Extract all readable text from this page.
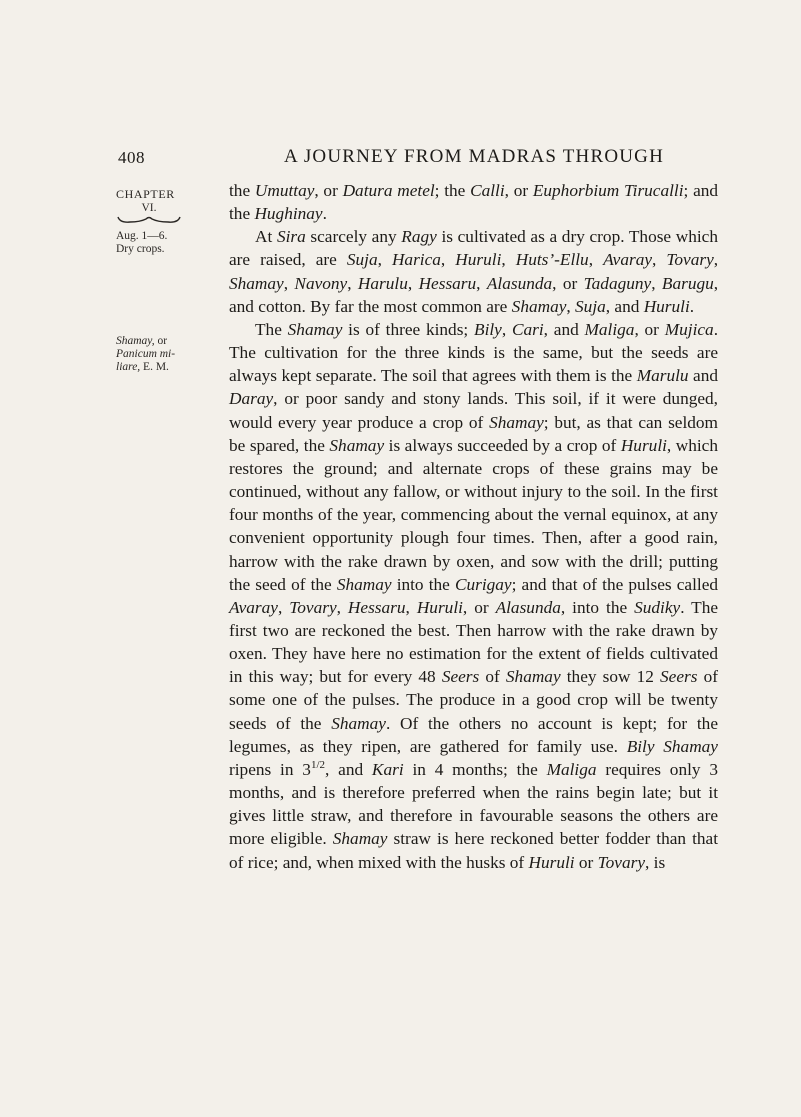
408	A JOURNEY FROM MADRAS THROUGH
CHAPTER
VI.
Aug. 1—6.
Dry crops.
Shamay, or
Panicum mi-
liare, E. M.

the Umuttay, or Datura metel; the Calli, or Euphorbium Tirucalli; and the Hughinay.

At Sira scarcely any Ragy is cultivated as a dry crop. Those which are raised, are Suja, Harica, Huruli, Huts’-Ellu, Avaray, Tovary, Shamay, Navony, Harulu, Hessaru, Alasunda, or Tadaguny, Barugu, and cotton. By far the most common are Shamay, Suja, and Huruli.

The Shamay is of three kinds; Bily, Cari, and Maliga, or Mujica. The cultivation for the three kinds is the same, but the seeds are always kept separate. The soil that agrees with them is the Marulu and Daray, or poor sandy and stony lands. This soil, if it were dunged, would every year produce a crop of Shamay; but, as that can seldom be spared, the Shamay is always succeeded by a crop of Huruli, which restores the ground; and alternate crops of these grains may be continued, without any fallow, or without injury to the soil. In the first four months of the year, commencing about the vernal equinox, at any convenient opportunity plough four times. Then, after a good rain, harrow with the rake drawn by oxen, and sow with the drill; putting the seed of the Shamay into the Curigay; and that of the pulses called Avaray, Tovary, Hessaru, Huruli, or Alasunda, into the Sudiky. The first two are reckoned the best. Then harrow with the rake drawn by oxen. They have here no estimation for the extent of fields cultivated in this way; but for every 48 Seers of Shamay they sow 12 Seers of some one of the pulses. The produce in a good crop will be twenty seeds of the Shamay. Of the others no account is kept; for the legumes, as they ripen, are gathered for family use. Bily Shamay ripens in $3^{1/2}$, and Kari in 4 months; the Maliga requires only 3 months, and is therefore preferred when the rains begin late; but it gives little straw, and therefore in favourable seasons the others are more eligible. Shamay straw is here reckoned better fodder than that of rice; and, when mixed with the husks of Huruli or Tovary, is
